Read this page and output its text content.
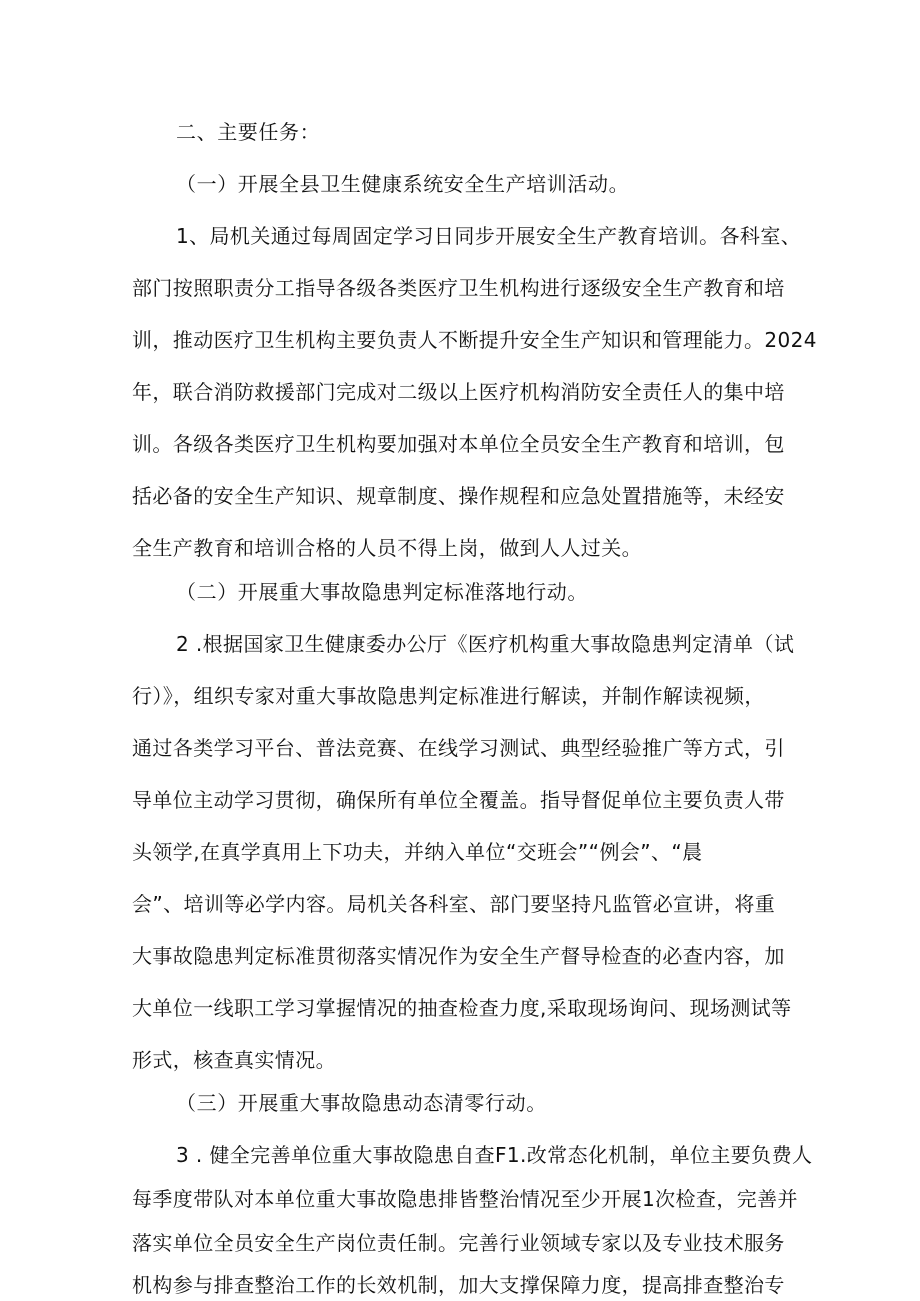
二、主要任务：
（一）开展全县卫生健康系统安全生产培训活动。
1、局机关通过每周固定学习日同步开展安全生产教育培训。各科室、
部门按照职责分工指导各级各类医疗卫生机构进行逐级安全生产教育和培
训，推动医疗卫生机构主要负责人不断提升安全生产知识和管理能力。2024
年，联合消防救援部门完成对二级以上医疗机构消防安全责任人的集中培
训。各级各类医疗卫生机构要加强对本单位全员安全生产教育和培训，包
括必备的安全生产知识、规章制度、操作规程和应急处置措施等，未经安
全生产教育和培训合格的人员不得上岗，做到人人过关。
（二）开展重大事故隐患判定标准落地行动。
2 .根据国家卫生健康委办公厅《医疗机构重大事故隐患判定清单（试
行）》，组织专家对重大事故隐患判定标准进行解读，并制作解读视频，
通过各类学习平台、普法竞赛、在线学习测试、典型经验推广等方式，引
导单位主动学习贯彻，确保所有单位全覆盖。指导督促单位主要负责人带
头领学,在真学真用上下功夫，并纳入单位“交班会”“例会”、“晨
会”、培训等必学内容。局机关各科室、部门要坚持凡监管必宣讲，将重
大事故隐患判定标准贯彻落实情况作为安全生产督导检查的必查内容，加
大单位一线职工学习掌握情况的抽查检查力度,采取现场询问、现场测试等
形式，核查真实情况。
（三）开展重大事故隐患动态清零行动。
3 . 健全完善单位重大事故隐患自查F1.改常态化机制，单位主要负费人
每季度带队对本单位重大事故隐患排皆整治情况至少开展1次检查，完善并
落实单位全员安全生产岗位责任制。完善行业领域专家以及专业技术服务
机构参与排查整治工作的长效机制，加大支撑保障力度，提高排查整治专
